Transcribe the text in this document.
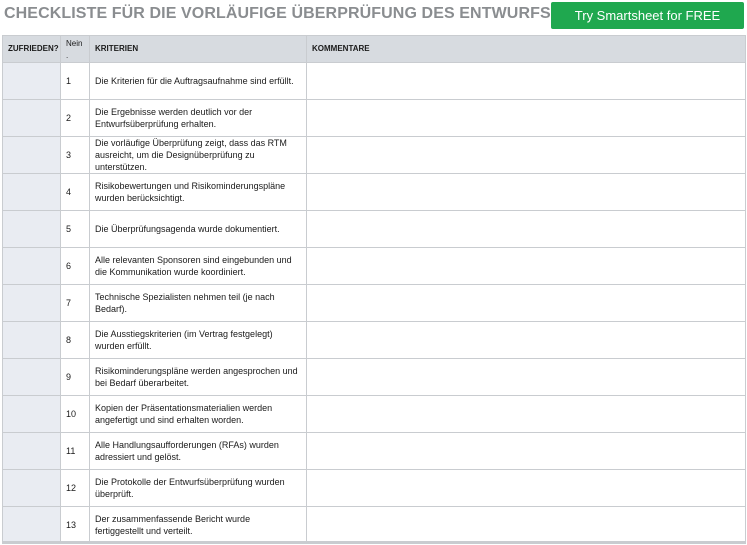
CHECKLISTE FÜR DIE VORLÄUFIGE ÜBERPRÜFUNG DES ENTWURFS	Try Smartsheet for FREE
ZUFRIEDEN?	Nein .	KRITERIEN	KOMMENTARE
	1	Die Kriterien für die Auftragsaufnahme sind erfüllt.	
	2	Die Ergebnisse werden deutlich vor der Entwurfsüberprüfung erhalten.	
	3	Die vorläufige Überprüfung zeigt, dass das RTM ausreicht, um die Designüberprüfung zu unterstützen.	
	4	Risikobewertungen und Risikominderungspläne wurden berücksichtigt.	
	5	Die Überprüfungsagenda wurde dokumentiert.	
	6	Alle relevanten Sponsoren sind eingebunden und die Kommunikation wurde koordiniert.	
	7	Technische Spezialisten nehmen teil (je nach Bedarf).	
	8	Die Ausstiegskriterien (im Vertrag festgelegt) wurden erfüllt.	
	9	Risikominderungspläne werden angesprochen und bei Bedarf überarbeitet.	
	10	Kopien der Präsentationsmaterialien werden angefertigt und sind erhalten worden.	
	11	Alle Handlungsaufforderungen (RFAs) wurden adressiert und gelöst.	
	12	Die Protokolle der Entwurfsüberprüfung wurden überprüft.	
	13	Der zusammenfassende Bericht wurde fertiggestellt und verteilt.	
